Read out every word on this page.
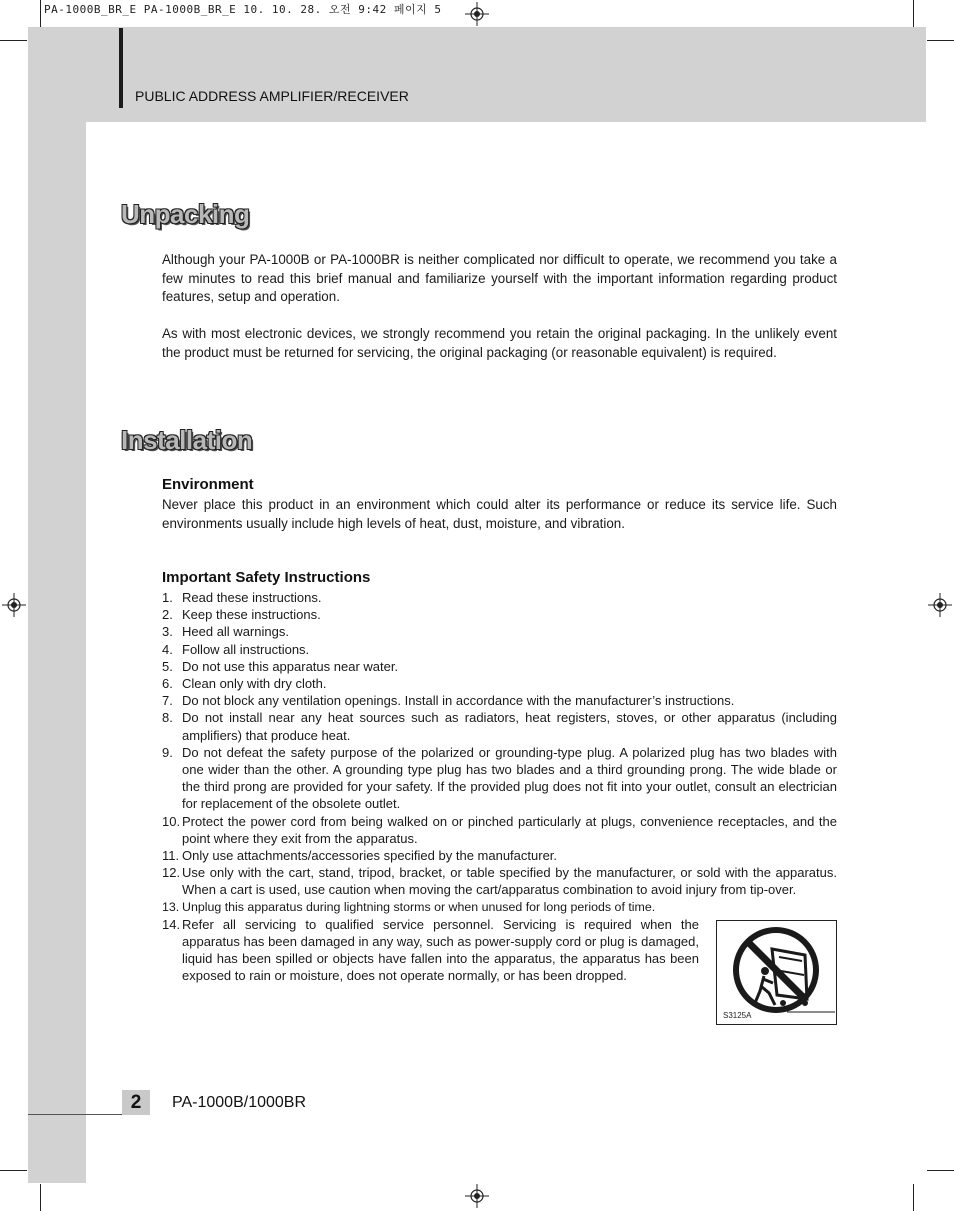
PA-1000B_BR_E PA-1000B_BR_E 10. 10. 28. 오전 9:42 페이지 5
PUBLIC ADDRESS AMPLIFIER/RECEIVER
Unpacking

Although your PA-1000B or PA-1000BR is neither complicated nor difficult to operate, we recommend you take a few minutes to read this brief manual and familiarize yourself with the important information regarding product features, setup and operation.

As with most electronic devices, we strongly recommend you retain the original packaging. In the unlikely event the product must be returned for servicing, the original packaging (or reasonable equivalent) is required.

Installation
Environment

Never place this product in an environment which could alter its performance or reduce its service life. Such environments usually include high levels of heat, dust, moisture, and vibration.

Important Safety Instructions
1. Read these instructions.
2. Keep these instructions.
3. Heed all warnings.
4. Follow all instructions.
5. Do not use this apparatus near water.
6. Clean only with dry cloth.
7. Do not block any ventilation openings. Install in accordance with the manufacturer’s instructions.
8. Do not install near any heat sources such as radiators, heat registers, stoves, or other apparatus (including amplifiers) that produce heat.
9. Do not defeat the safety purpose of the polarized or grounding-type plug. A polarized plug has two blades with one wider than the other. A grounding type plug has two blades and a third grounding prong. The wide blade or the third prong are provided for your safety. If the provided plug does not fit into your outlet, consult an electrician for replacement of the obsolete outlet.
10. Protect the power cord from being walked on or pinched particularly at plugs, convenience receptacles, and the point where they exit from the apparatus.
11. Only use attachments/accessories specified by the manufacturer.
12. Use only with the cart, stand, tripod, bracket, or table specified by the manufacturer, or sold with the apparatus. When a cart is used, use caution when moving the cart/apparatus combination to avoid injury from tip-over.
13. Unplug this apparatus during lightning storms or when unused for long periods of time.
14. Refer all servicing to qualified service personnel. Servicing is required when the apparatus has been damaged in any way, such as power-supply cord or plug is damaged, liquid has been spilled or objects have fallen into the apparatus, the apparatus has been exposed to rain or moisture, does not operate normally, or has been dropped.
S3125A
2	PA-1000B/1000BR
